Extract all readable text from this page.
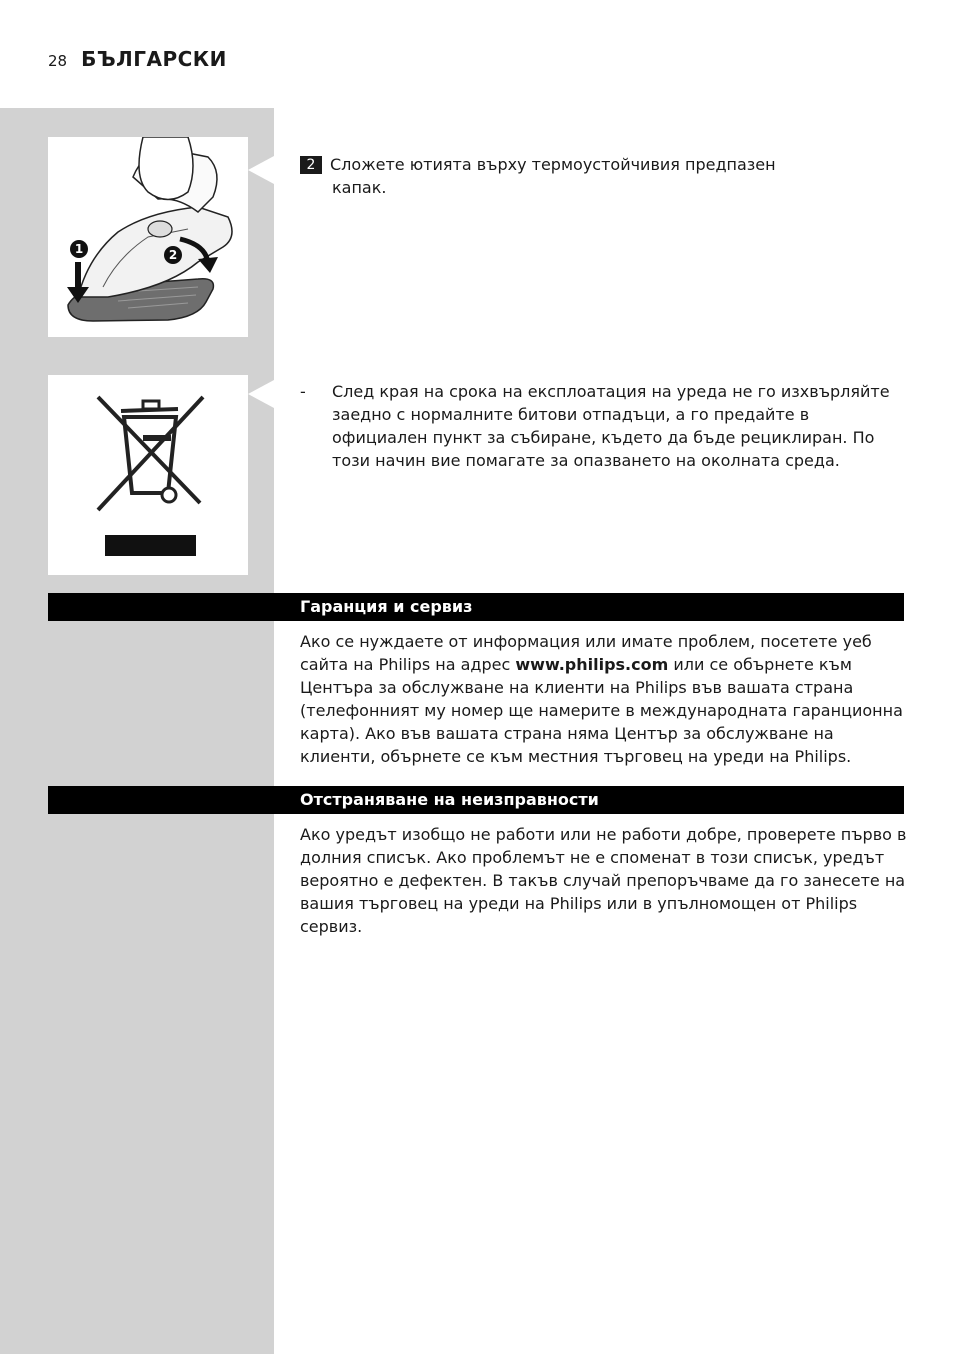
28 БЪЛГАРСКИ
1	2
2 Сложете ютията върху термоустойчивия предпазен
капак.
-	След края на срока на експлоатация на уреда не го изхвърляйте заедно с нормалните битови отпадъци, а го предайте в официален пункт за събиране, където да бъде рециклиран. По този начин вие помагате за опазването на околната среда.
Гаранция и сервиз
Ако се нуждаете от информация или имате проблем, посетете уеб сайта на Philips на адрес www.philips.com или се обърнете към Центъра за обслужване на клиенти на Philips във вашата страна (телефонният му номер ще намерите в международната гаранционна карта). Ако във вашата страна няма Център за обслужване на клиенти, обърнете се към местния търговец на уреди на Philips.
Отстраняване на неизправности
Ако уредът изобщо не работи или не работи добре, проверете първо в долния списък. Ако проблемът не е споменат в този списък, уредът вероятно е дефектен. В такъв случай препоръчваме да го занесете на вашия търговец на уреди на Philips или в упълномощен от Philips сервиз.
